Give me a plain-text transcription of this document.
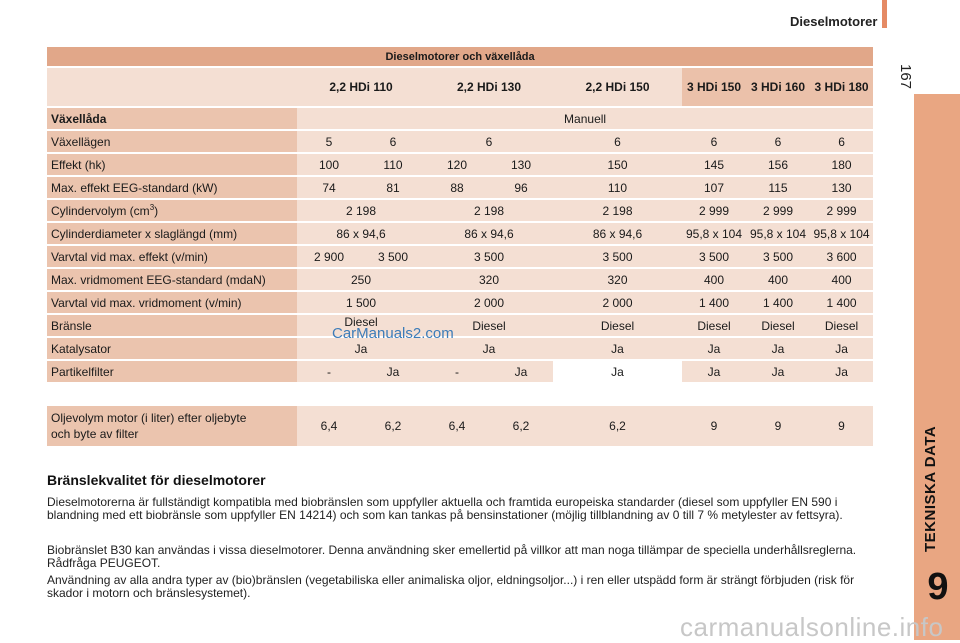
Dieselmotorer
167
TEKNISKA DATA
9
Dieselmotorer och växellåda								
	2,2 HDi 110		2,2 HDi 130		2,2 HDi 150	3 HDi 150	3 HDi 160	3 HDi 180
Växellåda	Manuell							
Växellägen	5	6	6		6	6	6	6
Effekt (hk)	100	110	120	130	150	145	156	180
Max. effekt EEG-standard (kW)	74	81	88	96	110	107	115	130
Cylindervolym $(cm^3)$	2 198		2 198		2 198	2 999	2 999	2 999
Cylinderdiameter x slaglängd (mm)	86 x 94,6		86 x 94,6		86 x 94,6	95,8 x 104	95,8 x 104	95,8 x 104
Varvtal vid max. effekt (v/min)	2 900	3 500	3 500		3 500	3 500	3 500	3 600
Max. vridmoment EEG-standard (mdaN)	250		320		320	400	400	400
Varvtal vid max. vridmoment (v/min)	1 500		2 000		2 000	1 400	1 400	1 400
Bränsle	Diesel		Diesel		Diesel	Diesel	Diesel	Diesel
Katalysator	Ja		Ja		Ja	Ja	Ja	Ja
Partikelfilter	-	Ja	-	Ja	Ja	Ja	Ja	Ja
CarManuals2.com
Oljevolym motor (i liter) efter oljebyte
och byte av filter	6,4	6,2	6,4	6,2	6,2	9	9	9
Bränslekvalitet för dieselmotorer

Dieselmotorerna är fullständigt kompatibla med biobränslen som uppfyller aktuella och framtida europeiska standarder (diesel som uppfyller EN 590 i blandning med ett biobränsle som uppfyller EN 14214) och som kan tankas på bensinstationer (möjlig tillblandning av 0 till 7 % metylester av fettsyra).

Biobränslet B30 kan användas i vissa dieselmotorer. Denna användning sker emellertid på villkor att man noga tillämpar de speciella underhållsreglerna. Rådfråga PEUGEOT.

Användning av alla andra typer av (bio)bränslen (vegetabiliska eller animaliska oljor, eldningsoljor...) i ren eller utspädd form är strängt förbjuden (risk för skador i motorn och bränslesystemet).

carmanualsonline.info
